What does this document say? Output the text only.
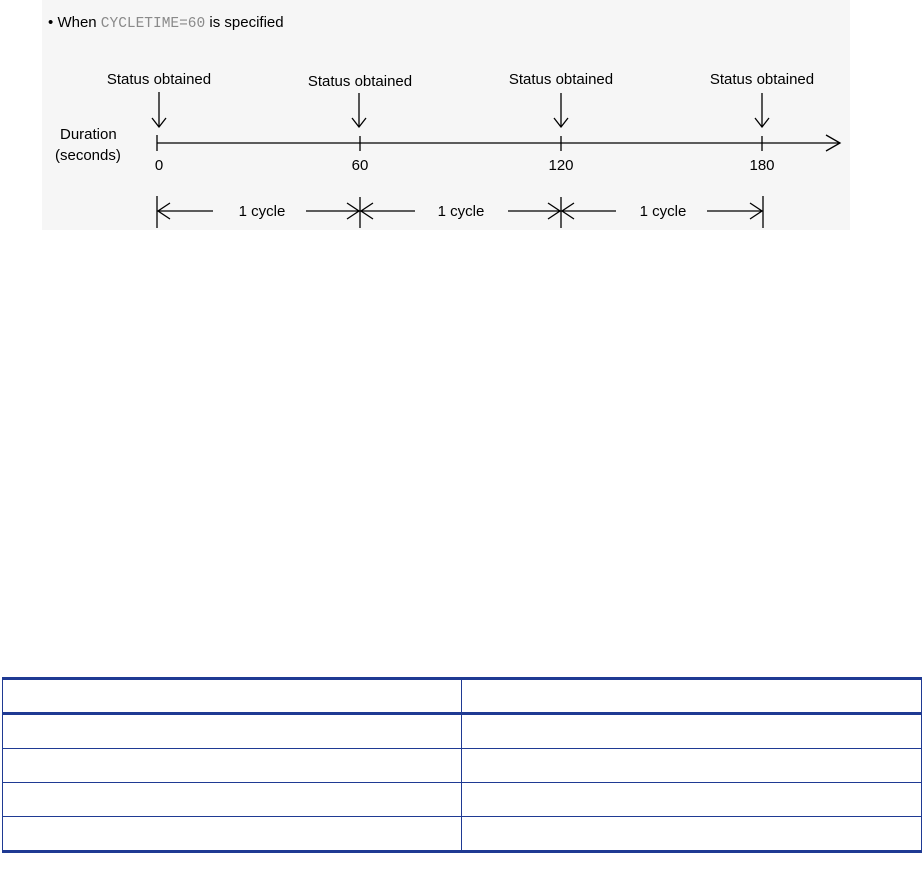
• When CYCLETIME=60 is specified
Status obtained	Status obtained	Status obtained	Status obtained
Duration
(seconds)
0	60	120	180
1 cycle	1 cycle	1 cycle
